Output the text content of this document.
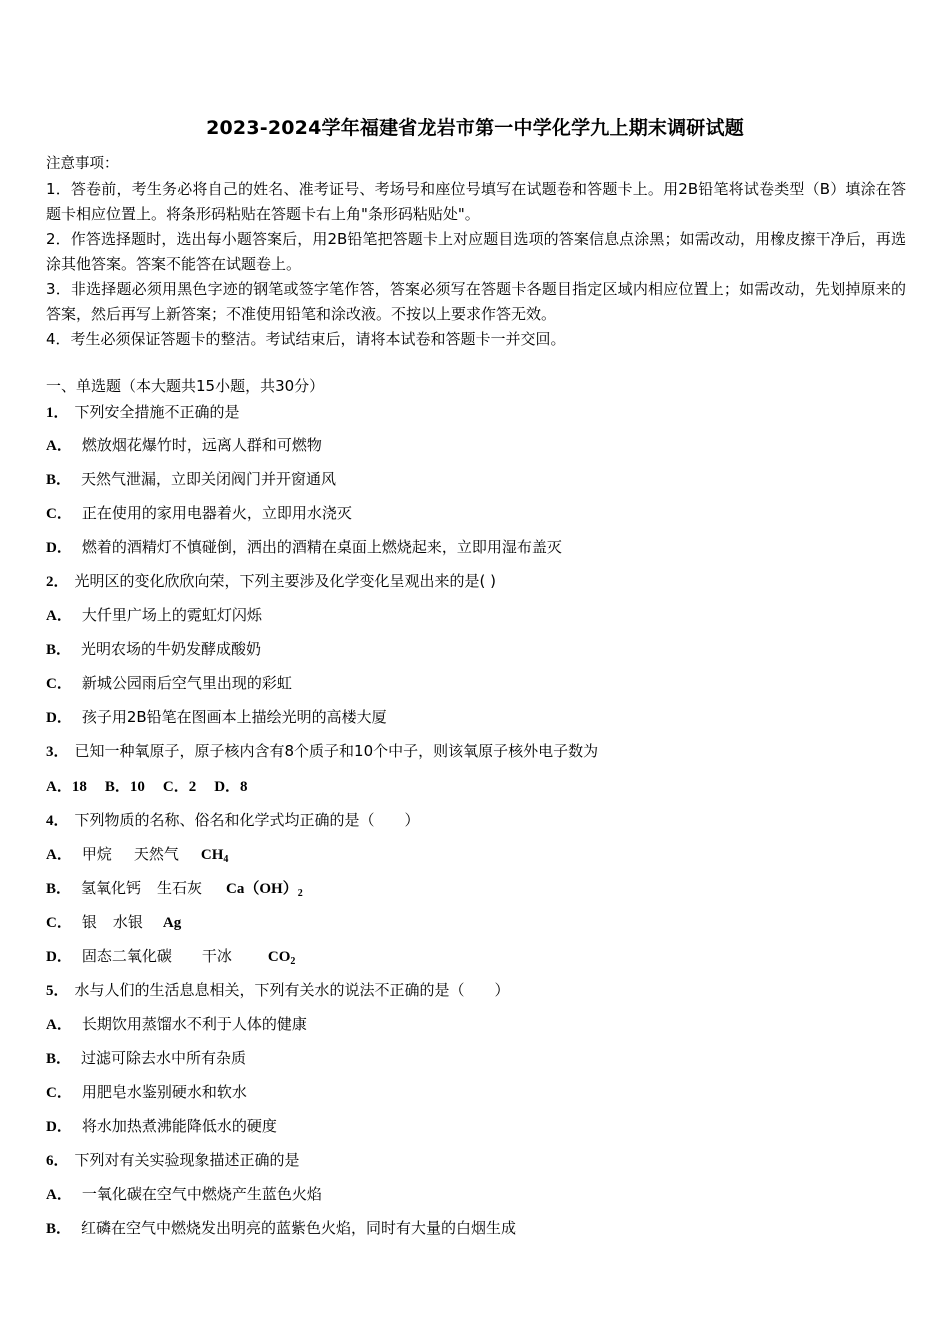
2023-2024学年福建省龙岩市第一中学化学九上期末调研试题

注意事项：

1．答卷前，考生务必将自己的姓名、准考证号、考场号和座位号填写在试题卷和答题卡上。用2B铅笔将试卷类型（B）填涂在答题卡相应位置上。将条形码粘贴在答题卡右上角"条形码粘贴处"。

2．作答选择题时，选出每小题答案后，用2B铅笔把答题卡上对应题目选项的答案信息点涂黑；如需改动，用橡皮擦干净后，再选涂其他答案。答案不能答在试题卷上。

3．非选择题必须用黑色字迹的钢笔或签字笔作答，答案必须写在答题卡各题目指定区域内相应位置上；如需改动，先划掉原来的答案，然后再写上新答案；不准使用铅笔和涂改液。不按以上要求作答无效。

4．考生必须保证答题卡的整洁。考试结束后，请将本试卷和答题卡一并交回。

一、单选题（本大题共15小题，共30分）
1． 下列安全措施不正确的是
A． 燃放烟花爆竹时，远离人群和可燃物
B． 天然气泄漏，立即关闭阀门并开窗通风
C． 正在使用的家用电器着火，立即用水浇灭
D． 燃着的酒精灯不慎碰倒，洒出的酒精在桌面上燃烧起来，立即用湿布盖灭
2． 光明区的变化欣欣向荣，下列主要涉及化学变化呈观出来的是( )
A． 大仟里广场上的霓虹灯闪烁
B． 光明农场的牛奶发酵成酸奶
C． 新城公园雨后空气里出现的彩虹
D． 孩子用2B铅笔在图画本上描绘光明的高楼大厦
3． 已知一种氧原子，原子核内含有8个质子和10个中子，则该氧原子核外电子数为
A．18 B．10 C．2 D．8
4． 下列物质的名称、俗名和化学式均正确的是（　　）
A． 甲烷 天然气 $CH_4$
B． 氢氧化钙 生石灰 $Ca(OH)_2$
C． 银 水银 Ag
D． 固态二氧化碳 干冰 $CO_2$
5． 水与人们的生活息息相关，下列有关水的说法不正确的是（　　）
A． 长期饮用蒸馏水不利于人体的健康
B． 过滤可除去水中所有杂质
C． 用肥皂水鉴别硬水和软水
D． 将水加热煮沸能降低水的硬度
6． 下列对有关实验现象描述正确的是
A． 一氧化碳在空气中燃烧产生蓝色火焰
B． 红磷在空气中燃烧发出明亮的蓝紫色火焰，同时有大量的白烟生成
